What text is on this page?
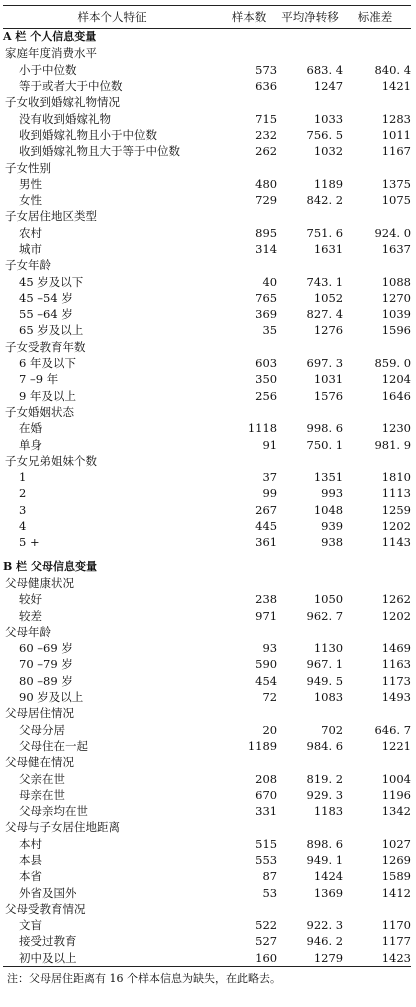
样本个人特征	样本数	平均净转移	标准差
A 栏 个人信息变量
家庭年度消费水平
小于中位数	573	683. 4	840. 4
等于或者大于中位数	636	1247	1421
子女收到婚嫁礼物情况
没有收到婚嫁礼物	715	1033	1283
收到婚嫁礼物且小于中位数	232	756. 5	1011
收到婚嫁礼物且大于等于中位数	262	1032	1167
子女性别
男性	480	1189	1375
女性	729	842. 2	1075
子女居住地区类型
农村	895	751. 6	924. 0
城市	314	1631	1637
子女年龄
45 岁及以下	40	743. 1	1088
45 –54 岁	765	1052	1270
55 –64 岁	369	827. 4	1039
65 岁及以上	35	1276	1596
子女受教育年数
6 年及以下	603	697. 3	859. 0
7 –9 年	350	1031	1204
9 年及以上	256	1576	1646
子女婚姻状态
在婚	1118	998. 6	1230
单身	91	750. 1	981. 9
子女兄弟姐妹个数
1	37	1351	1810
2	99	993	1113
3	267	1048	1259
4	445	939	1202
5 +	361	938	1143
B 栏 父母信息变量
父母健康状况
较好	238	1050	1262
较差	971	962. 7	1202
父母年龄
60 –69 岁	93	1130	1469
70 –79 岁	590	967. 1	1163
80 –89 岁	454	949. 5	1173
90 岁及以上	72	1083	1493
父母居住情况
父母分居	20	702	646. 7
父母住在一起	1189	984. 6	1221
父母健在情况
父亲在世	208	819. 2	1004
母亲在世	670	929. 3	1196
父母亲均在世	331	1183	1342
父母与子女居住地距离
本村	515	898. 6	1027
本县	553	949. 1	1269
本省	87	1424	1589
外省及国外	53	1369	1412
父母受教育情况
文盲	522	922. 3	1170
接受过教育	527	946. 2	1177
初中及以上	160	1279	1423
注：父母居住距离有 16 个样本信息为缺失，在此略去。
